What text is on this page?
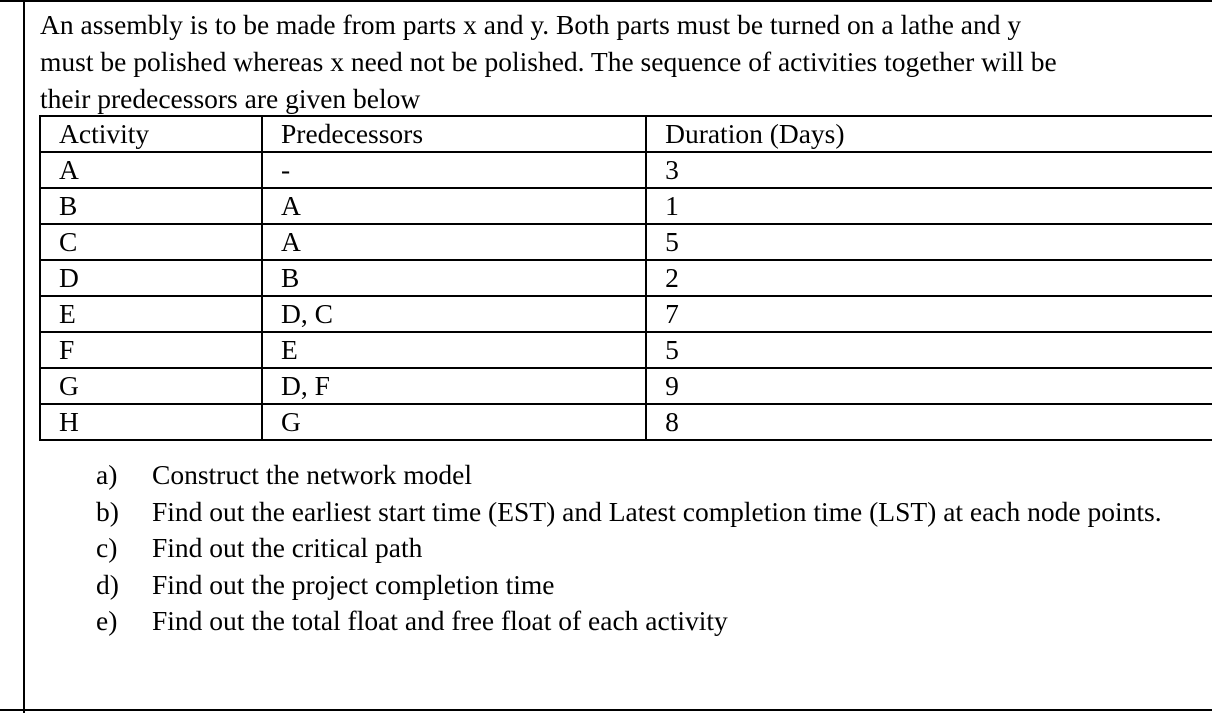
An assembly is to be made from parts x and y. Both parts must be turned on a lathe and y
must be polished whereas x need not be polished. The sequence of activities together will be
their predecessors are given below

Activity	Predecessors	Duration (Days)
A	-	3
B	A	1
C	A	5
D	B	2
E	D, C	7
F	E	5
G	D, F	9
H	G	8
a)	Construct the network model
b)	Find out the earliest start time (EST) and Latest completion time (LST) at each node points.
c)	Find out the critical path
d)	Find out the project completion time
e)	Find out the total float and free float of each activity
